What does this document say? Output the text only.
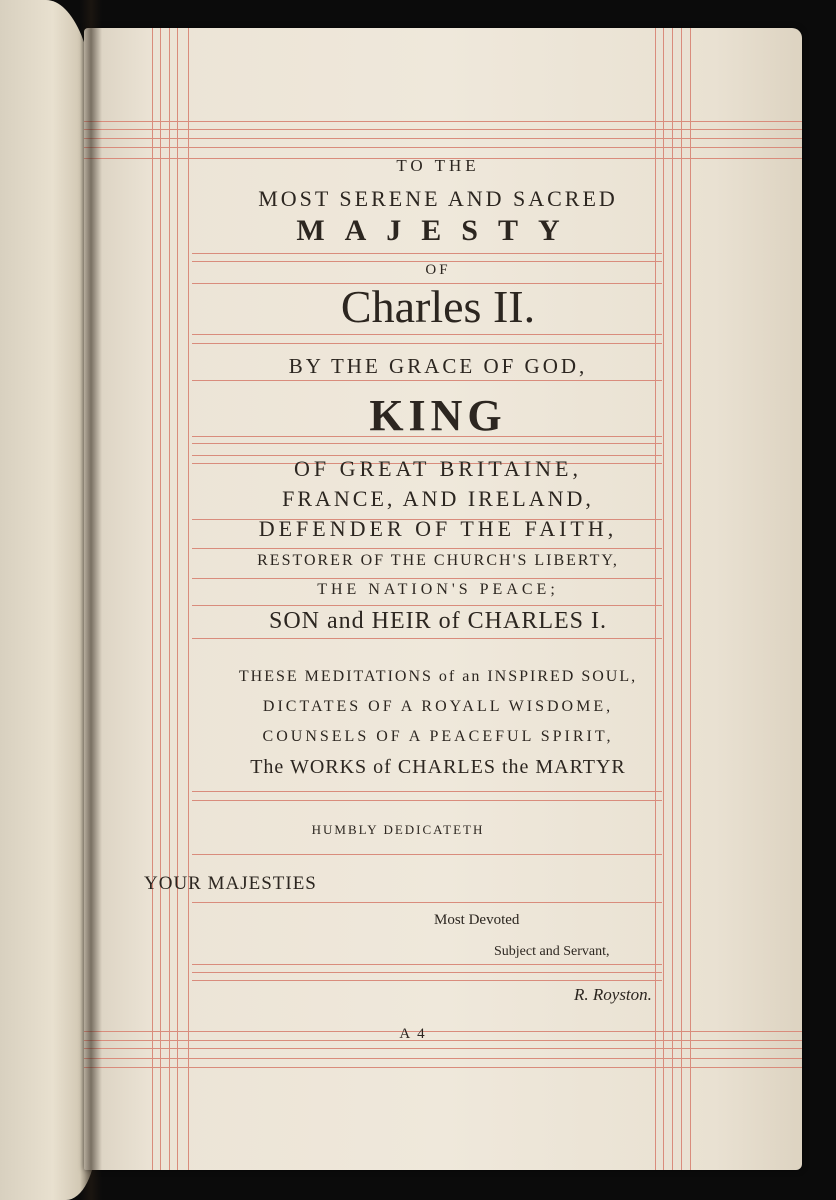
TO THE
MOST SERENE AND SACRED
MAJESTY
OF
Charles II.
BY THE GRACE OF GOD,
KING
OF GREAT BRITAINE,
FRANCE, AND IRELAND,
DEFENDER OF THE FAITH,
RESTORER OF THE CHURCH'S LIBERTY,
THE NATION'S PEACE;
SON and HEIR of CHARLES I.
THESE MEDITATIONS of an INSPIRED SOUL,
DICTATES OF A ROYALL WISDOME,
COUNSELS OF A PEACEFUL SPIRIT,
The WORKS of CHARLES the MARTYR
HUMBLY DEDICATETH
YOUR MAJESTIES
Most Devoted
Subject and Servant,
R. Royston.
A 4
